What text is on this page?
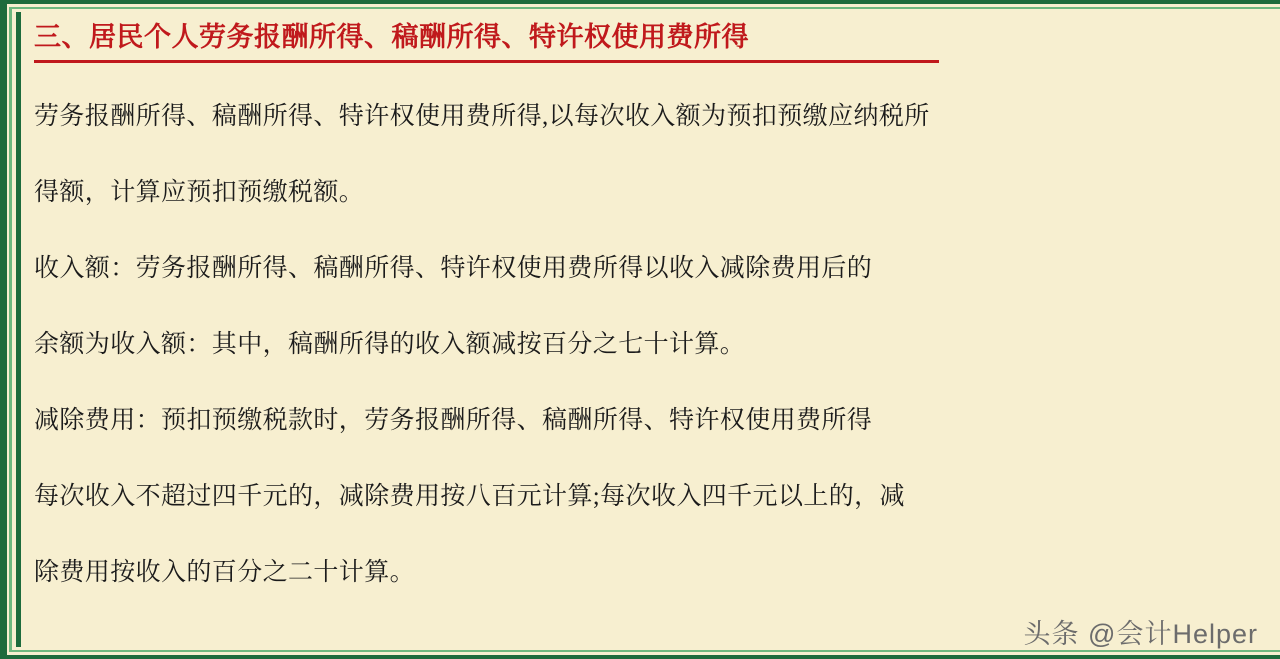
三、居民个人劳务报酬所得、稿酬所得、特许权使用费所得
劳务报酬所得、稿酬所得、特许权使用费所得,以每次收入额为预扣预缴应纳税所
得额，计算应预扣预缴税额。
收入额：劳务报酬所得、稿酬所得、特许权使用费所得以收入减除费用后的
余额为收入额：其中，稿酬所得的收入额减按百分之七十计算。
减除费用：预扣预缴税款时，劳务报酬所得、稿酬所得、特许权使用费所得
每次收入不超过四千元的，减除费用按八百元计算;每次收入四千元以上的，减
除费用按收入的百分之二十计算。
头条 @会计Helper
